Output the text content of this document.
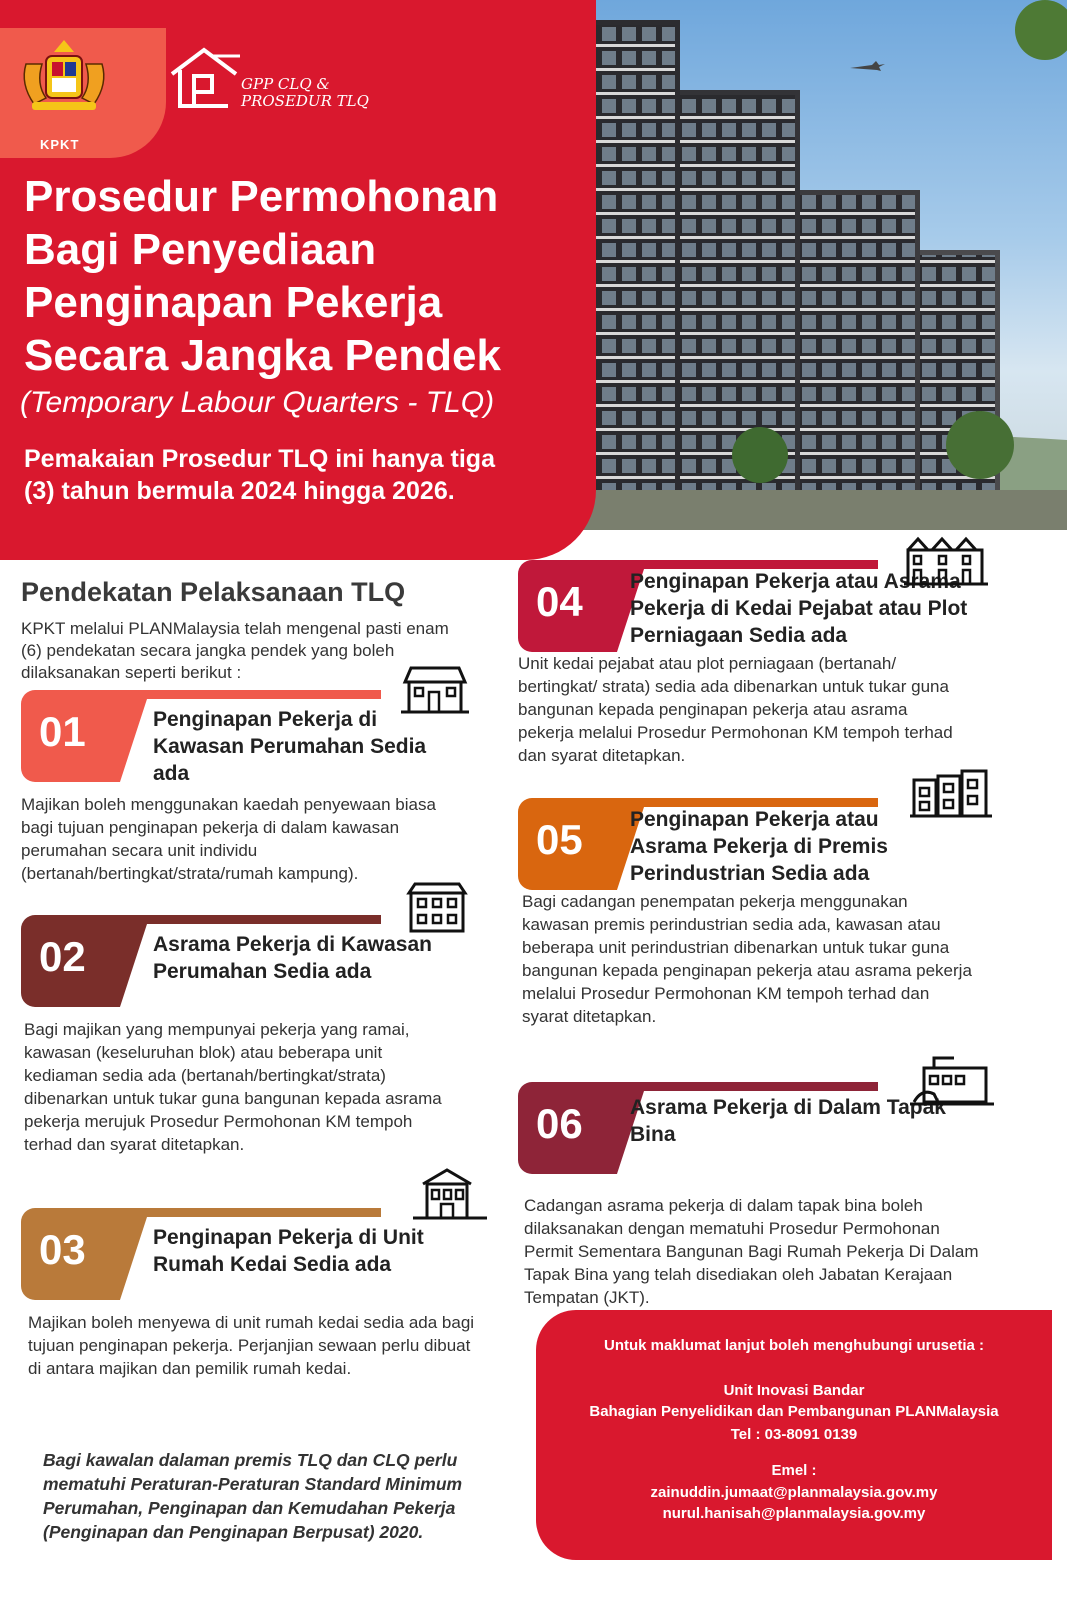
KPKT
GPP CLQ &
PROSEDUR TLQ
Prosedur Permohonan
Bagi Penyediaan
Penginapan Pekerja
Secara Jangka Pendek
(Temporary Labour Quarters - TLQ)
Pemakaian Prosedur TLQ ini hanya tiga
(3) tahun bermula 2024 hingga 2026.
Pendekatan Pelaksanaan TLQ
KPKT melalui PLANMalaysia telah mengenal pasti enam (6) pendekatan secara jangka pendek yang boleh dilaksanakan seperti berikut :
01	Penginapan Pekerja di Kawasan Perumahan Sedia ada
Majikan boleh menggunakan kaedah penyewaan biasa bagi tujuan penginapan pekerja di dalam kawasan perumahan secara unit individu (bertanah/bertingkat/strata/rumah kampung).
02	Asrama Pekerja di Kawasan Perumahan Sedia ada
Bagi majikan yang mempunyai pekerja yang ramai, kawasan (keseluruhan blok) atau beberapa unit kediaman sedia ada (bertanah/bertingkat/strata) dibenarkan untuk tukar guna bangunan kepada asrama pekerja merujuk Prosedur Permohonan KM tempoh terhad dan syarat ditetapkan.
03	Penginapan Pekerja di Unit Rumah Kedai Sedia ada
Majikan boleh menyewa di unit rumah kedai sedia ada bagi tujuan penginapan pekerja. Perjanjian sewaan perlu dibuat di antara majikan dan pemilik rumah kedai.
Bagi kawalan dalaman premis TLQ dan CLQ perlu mematuhi Peraturan-Peraturan Standard Minimum Perumahan, Penginapan dan Kemudahan Pekerja (Penginapan dan Penginapan Berpusat) 2020.
04 Penginapan Pekerja atau Asrama Pekerja di Kedai Pejabat atau Plot Perniagaan Sedia ada
Unit kedai pejabat atau plot perniagaan (bertanah/ bertingkat/ strata) sedia ada dibenarkan untuk tukar guna bangunan kepada penginapan pekerja atau asrama pekerja melalui Prosedur Permohonan KM tempoh terhad dan syarat ditetapkan.
05 Penginapan Pekerja atau Asrama Pekerja di Premis Perindustrian Sedia ada
Bagi cadangan penempatan pekerja menggunakan kawasan premis perindustrian sedia ada, kawasan atau beberapa unit perindustrian dibenarkan untuk tukar guna bangunan kepada penginapan pekerja atau asrama pekerja melalui Prosedur Permohonan KM tempoh terhad dan syarat ditetapkan.
06 Asrama Pekerja di Dalam Tapak Bina
Cadangan asrama pekerja di dalam tapak bina boleh dilaksanakan dengan mematuhi Prosedur Permohonan Permit Sementara Bangunan Bagi Rumah Pekerja Di Dalam Tapak Bina yang telah disediakan oleh Jabatan Kerajaan Tempatan (JKT).
Untuk maklumat lanjut boleh menghubungi urusetia :
Unit Inovasi Bandar
Bahagian Penyelidikan dan Pembangunan PLANMalaysia
Tel : 03-8091 0139
Emel :
zainuddin.jumaat@planmalaysia.gov.my
nurul.hanisah@planmalaysia.gov.my
